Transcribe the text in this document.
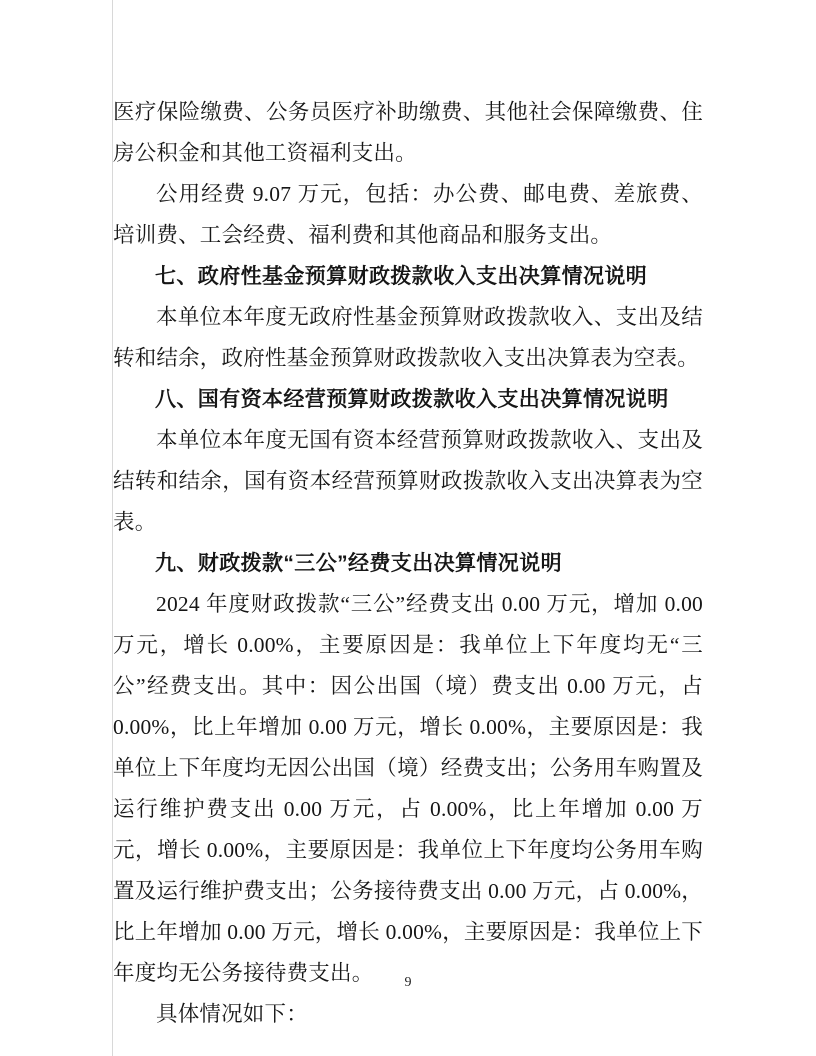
医疗保险缴费、公务员医疗补助缴费、其他社会保障缴费、住房公积金和其他工资福利支出。

公用经费 9.07 万元，包括：办公费、邮电费、差旅费、培训费、工会经费、福利费和其他商品和服务支出。

七、政府性基金预算财政拨款收入支出决算情况说明

本单位本年度无政府性基金预算财政拨款收入、支出及结转和结余，政府性基金预算财政拨款收入支出决算表为空表。

八、国有资本经营预算财政拨款收入支出决算情况说明

本单位本年度无国有资本经营预算财政拨款收入、支出及结转和结余，国有资本经营预算财政拨款收入支出决算表为空表。

九、财政拨款“三公”经费支出决算情况说明

2024 年度财政拨款“三公”经费支出 0.00 万元，增加 0.00 万元，增长 0.00%，主要原因是：我单位上下年度均无“三公”经费支出。其中：因公出国（境）费支出 0.00 万元，占 0.00%，比上年增加 0.00 万元，增长 0.00%，主要原因是：我单位上下年度均无因公出国（境）经费支出；公务用车购置及运行维护费支出 0.00 万元，占 0.00%，比上年增加 0.00 万元，增长 0.00%，主要原因是：我单位上下年度均公务用车购置及运行维护费支出；公务接待费支出 0.00 万元，占 0.00%，比上年增加 0.00 万元，增长 0.00%，主要原因是：我单位上下年度均无公务接待费支出。

具体情况如下：

9
